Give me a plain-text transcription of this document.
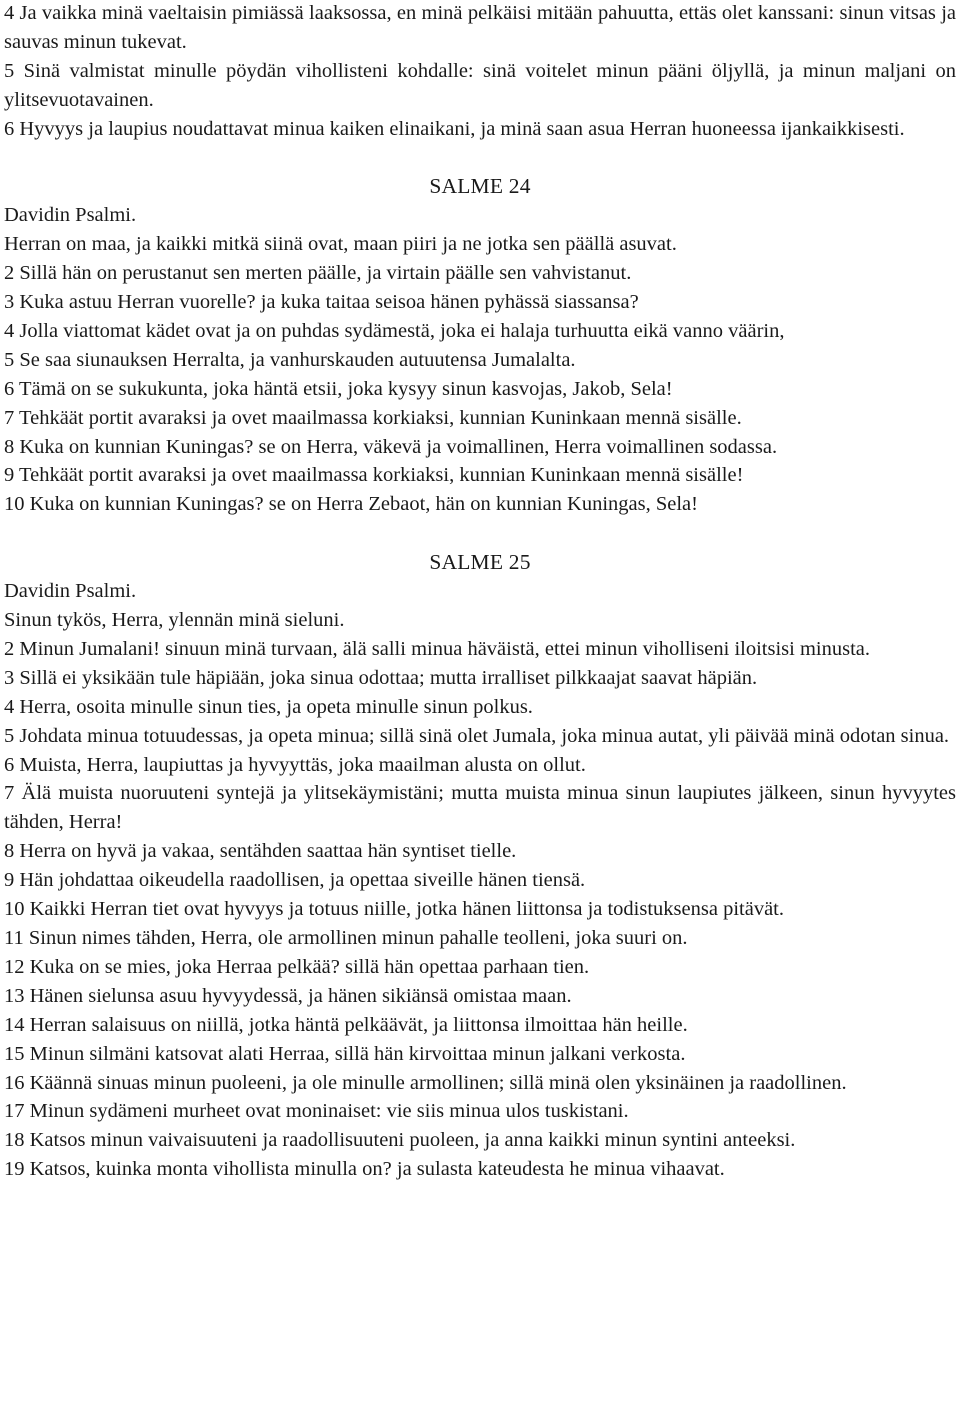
4 Ja vaikka minä vaeltaisin pimiässä laaksossa, en minä pelkäisi mitään pahuutta, ettäs olet kanssani: sinun vitsas ja sauvas minun tukevat.

5 Sinä valmistat minulle pöydän vihollisteni kohdalle: sinä voitelet minun pääni öljyllä, ja minun maljani on ylitsevuotavainen.

6 Hyvyys ja laupius noudattavat minua kaiken elinaikani, ja minä saan asua Herran huoneessa ijankaikkisesti.

SALME 24

Davidin Psalmi.

Herran on maa, ja kaikki mitkä siinä ovat, maan piiri ja ne jotka sen päällä asuvat.

2 Sillä hän on perustanut sen merten päälle, ja virtain päälle sen vahvistanut.

3 Kuka astuu Herran vuorelle? ja kuka taitaa seisoa hänen pyhässä siassansa?

4 Jolla viattomat kädet ovat ja on puhdas sydämestä, joka ei halaja turhuutta eikä vanno väärin,

5 Se saa siunauksen Herralta, ja vanhurskauden autuutensa Jumalalta.

6 Tämä on se sukukunta, joka häntä etsii, joka kysyy sinun kasvojas, Jakob, Sela!

7 Tehkäät portit avaraksi ja ovet maailmassa korkiaksi, kunnian Kuninkaan mennä sisälle.

8 Kuka on kunnian Kuningas? se on Herra, väkevä ja voimallinen, Herra voimallinen sodassa.

9 Tehkäät portit avaraksi ja ovet maailmassa korkiaksi, kunnian Kuninkaan mennä sisälle!

10 Kuka on kunnian Kuningas? se on Herra Zebaot, hän on kunnian Kuningas, Sela!

SALME 25

Davidin Psalmi.

Sinun tykös, Herra, ylennän minä sieluni.

2 Minun Jumalani! sinuun minä turvaan, älä salli minua häväistä, ettei minun viholliseni iloitsisi minusta.

3 Sillä ei yksikään tule häpiään, joka sinua odottaa; mutta irralliset pilkkaajat saavat häpiän.

4 Herra, osoita minulle sinun ties, ja opeta minulle sinun polkus.

5 Johdata minua totuudessas, ja opeta minua; sillä sinä olet Jumala, joka minua autat, yli päivää minä odotan sinua.

6 Muista, Herra, laupiuttas ja hyvyyttäs, joka maailman alusta on ollut.

7 Älä muista nuoruuteni syntejä ja ylitsekäymistäni; mutta muista minua sinun laupiutes jälkeen, sinun hyvyytes tähden, Herra!

8 Herra on hyvä ja vakaa, sentähden saattaa hän syntiset tielle.

9 Hän johdattaa oikeudella raadollisen, ja opettaa siveille hänen tiensä.

10 Kaikki Herran tiet ovat hyvyys ja totuus niille, jotka hänen liittonsa ja todistuksensa pitävät.

11 Sinun nimes tähden, Herra, ole armollinen minun pahalle teolleni, joka suuri on.

12 Kuka on se mies, joka Herraa pelkää? sillä hän opettaa parhaan tien.

13 Hänen sielunsa asuu hyvyydessä, ja hänen sikiänsä omistaa maan.

14 Herran salaisuus on niillä, jotka häntä pelkäävät, ja liittonsa ilmoittaa hän heille.

15 Minun silmäni katsovat alati Herraa, sillä hän kirvoittaa minun jalkani verkosta.

16 Käännä sinuas minun puoleeni, ja ole minulle armollinen; sillä minä olen yksinäinen ja raadollinen.

17 Minun sydämeni murheet ovat moninaiset: vie siis minua ulos tuskistani.

18 Katsos minun vaivaisuuteni ja raadollisuuteni puoleen, ja anna kaikki minun syntini anteeksi.

19 Katsos, kuinka monta vihollista minulla on? ja sulasta kateudesta he minua vihaavat.
